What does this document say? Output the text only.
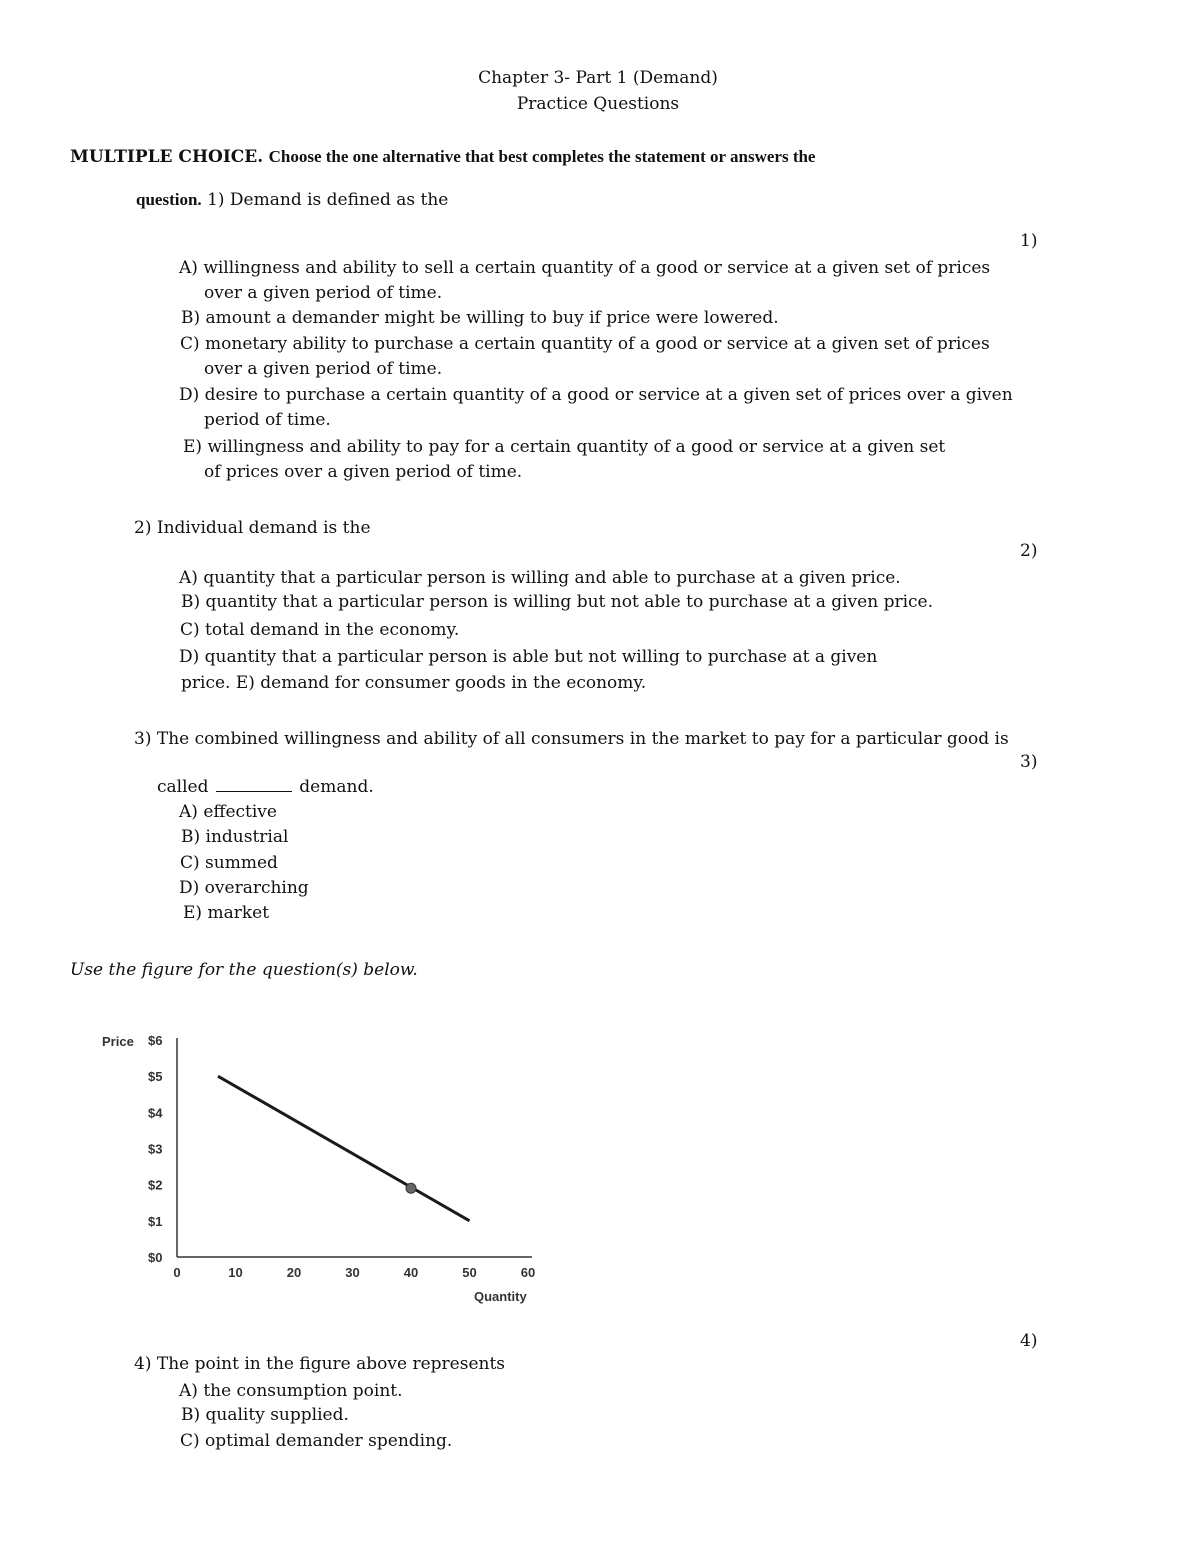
Chapter 3- Part 1 (Demand)
Practice Questions
MULTIPLE CHOICE. Choose the one alternative that best completes the statement or answers the
question. 1) Demand is defined as the
1)
A) willingness and ability to sell a certain quantity of a good or service at a given set of prices
over a given period of time.
B) amount a demander might be willing to buy if price were lowered.
C) monetary ability to purchase a certain quantity of a good or service at a given set of prices
over a given period of time.
D) desire to purchase a certain quantity of a good or service at a given set of prices over a given
period of time.
E) willingness and ability to pay for a certain quantity of a good or service at a given set
of prices over a given period of time.
2) Individual demand is the
2)
A) quantity that a particular person is willing and able to purchase at a given price.
B) quantity that a particular person is willing but not able to purchase at a given price.
C) total demand in the economy.
D) quantity that a particular person is able but not willing to purchase at a given
price. E) demand for consumer goods in the economy.
3) The combined willingness and ability of all consumers in the market to pay for a particular good is
3)
called	demand.
A) effective
B) industrial
C) summed
D) overarching
E) market
Use the figure for the question(s) below.
Price
Quantity
$0
$1
$2
$3
$4
$5
$6
0	10	20	30	40	50	60
4)
4) The point in the figure above represents
A) the consumption point.
B) quality supplied.
C) optimal demander spending.
